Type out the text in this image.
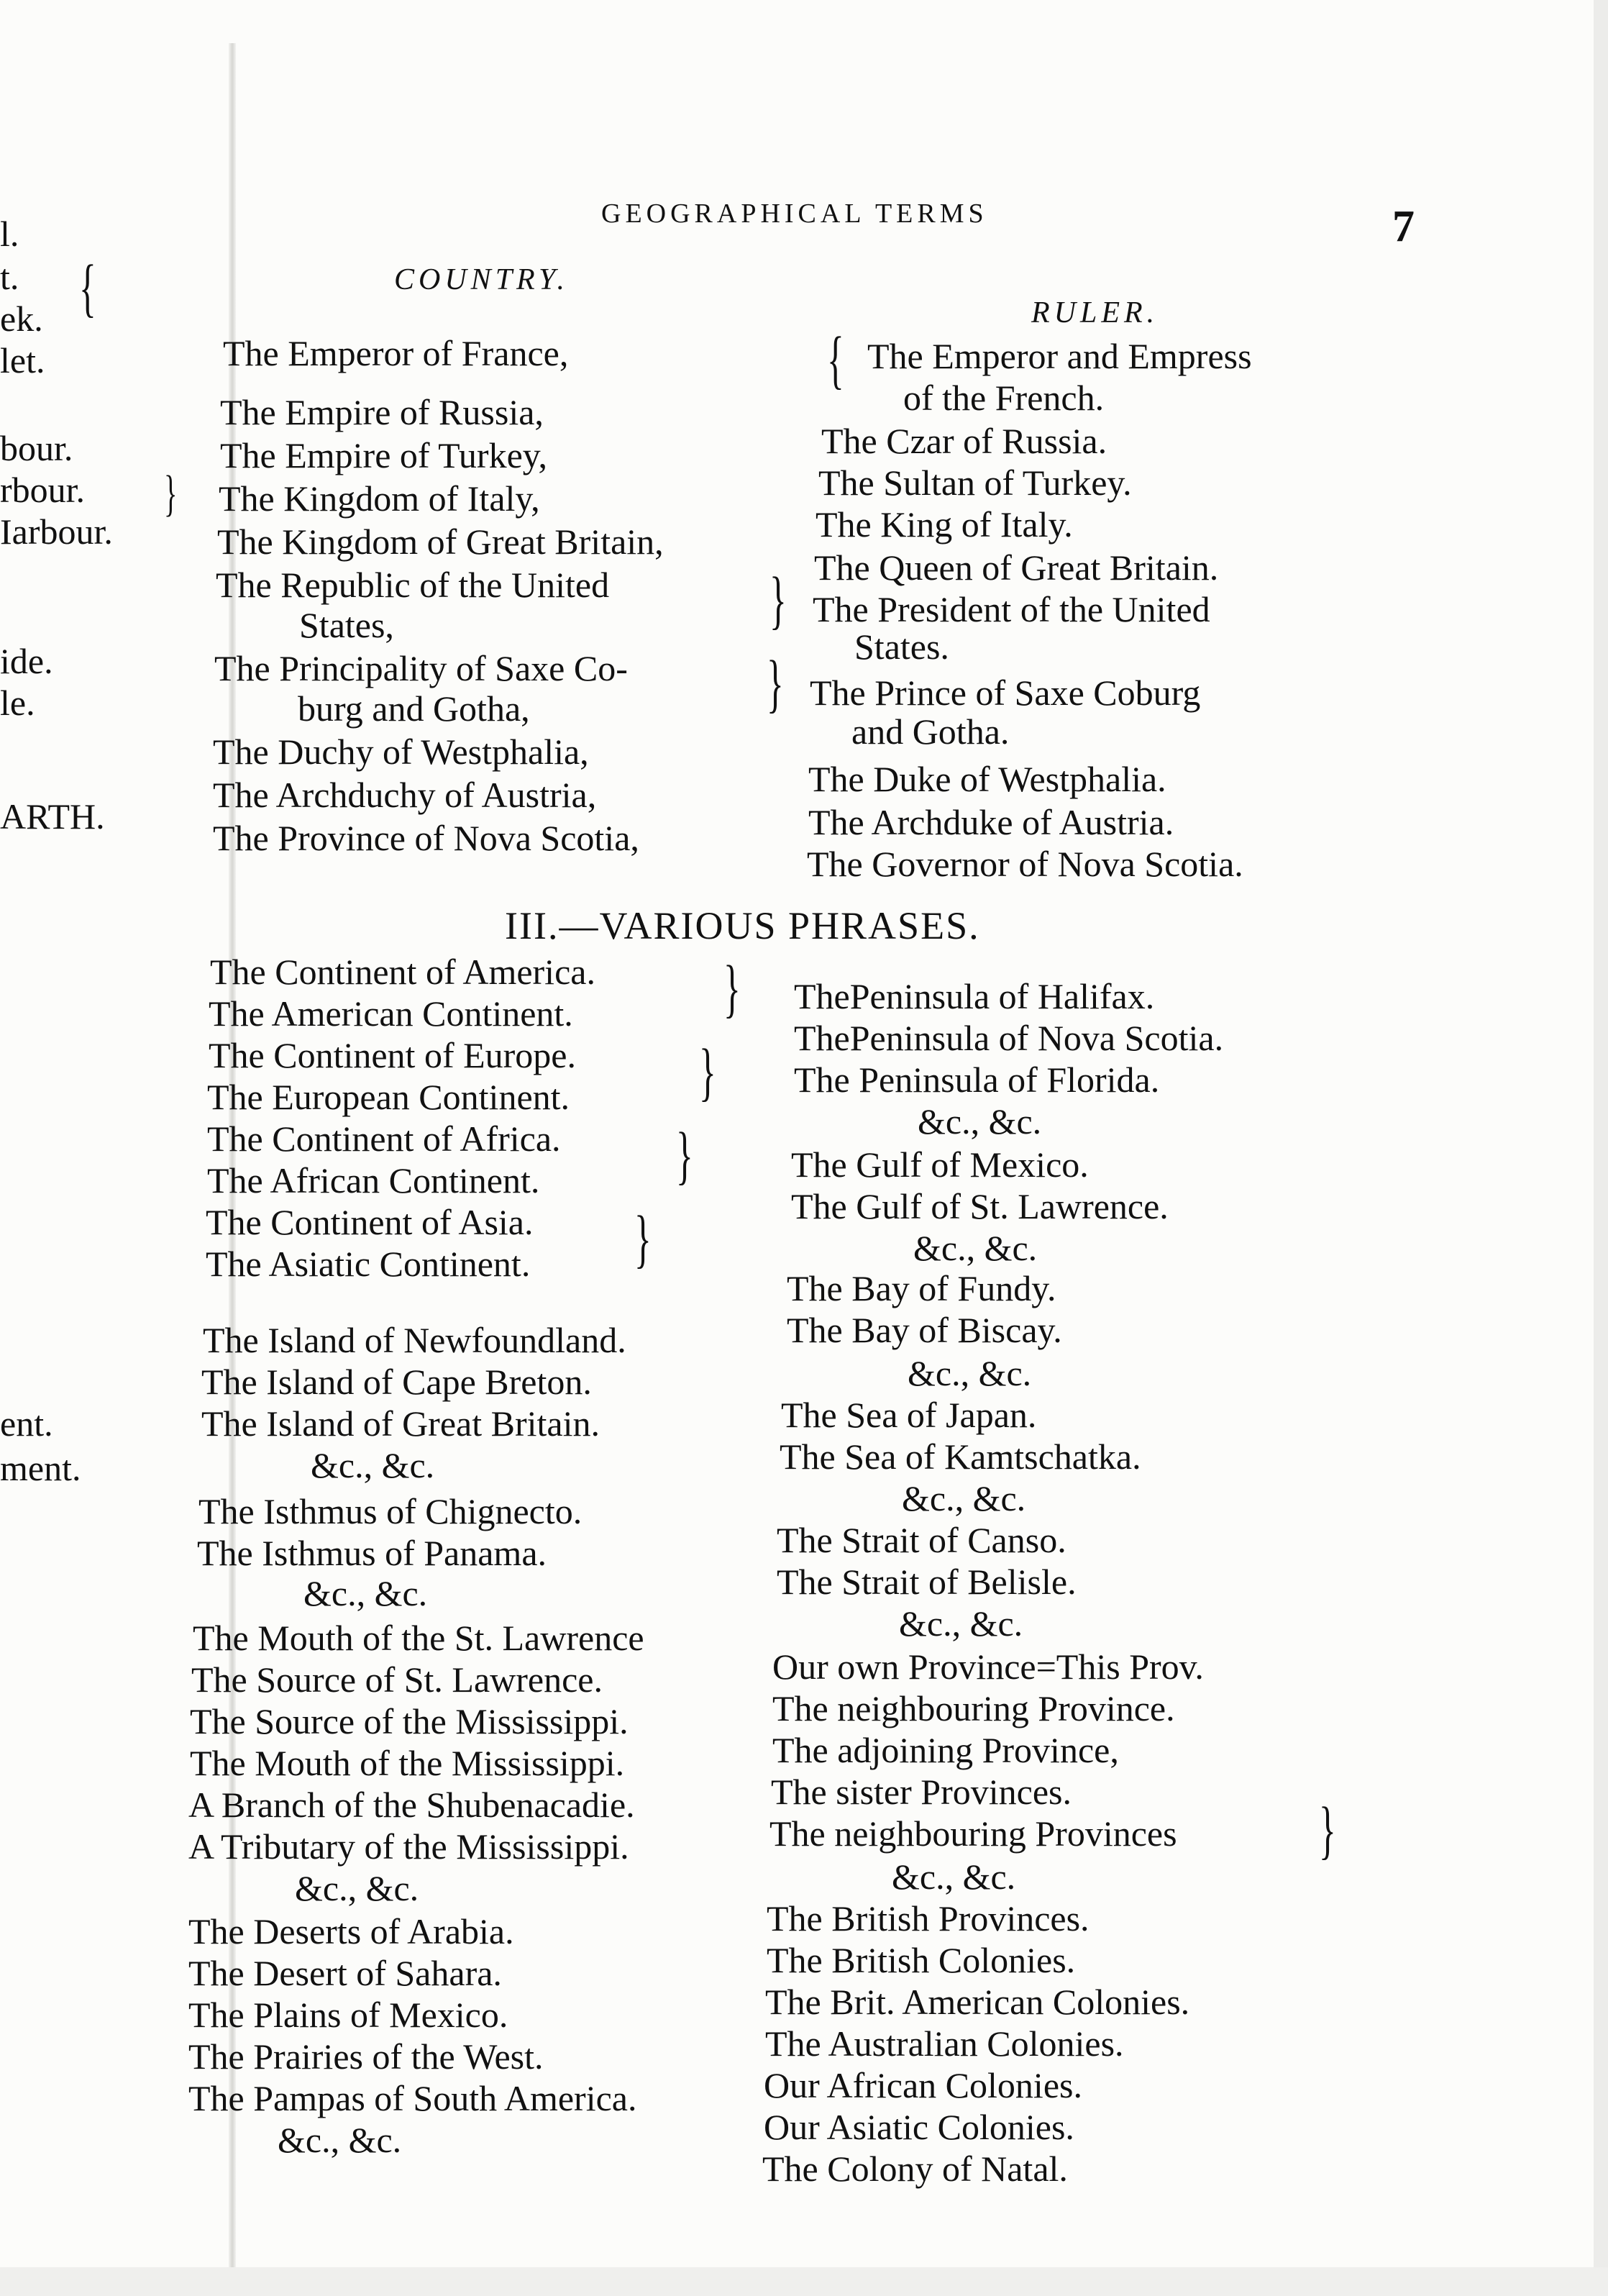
GEOGRAPHICAL TERMS	7
l.
t.
ek.
let.
{
bour.
rbour.
Iarbour.
}
ide.
le.
ARTH.
ent.
ment.
COUNTRY.
RULER.
The Emperor of France,
The Empire of Russia,
The Empire of Turkey,
The Kingdom of Italy,
The Kingdom of Great Britain,
The Republic of the United
States,
The Principality of Saxe Co-
burg and Gotha,
The Duchy of Westphalia,
The Archduchy of Austria,
The Province of Nova Scotia,
}
}
{ The Emperor and Empress
of the French.
The Czar of Russia.
The Sultan of Turkey.
The King of Italy.
The Queen of Great Britain.
The President of the United
States.
The Prince of Saxe Coburg
and Gotha.
The Duke of Westphalia.
The Archduke of Austria.
The Governor of Nova Scotia.
III.—VARIOUS PHRASES.
The Continent of America.
The American Continent. }
The Continent of Europe.
The European Continent. }
The Continent of Africa.
The African Continent. }
The Continent of Asia.
The Asiatic Continent. }
The Island of Newfoundland.
The Island of Cape Breton.
The Island of Great Britain.
&c., &c.
The Isthmus of Chignecto.
The Isthmus of Panama.
&c., &c.
The Mouth of the St. Lawrence
The Source of St. Lawrence.
The Source of the Mississippi.
The Mouth of the Mississippi.
A Branch of the Shubenacadie.
A Tributary of the Mississippi.
&c., &c.
The Deserts of Arabia.
The Desert of Sahara.
The Plains of Mexico.
The Prairies of the West.
The Pampas of South America.
&c., &c.
ThePeninsula of Halifax.
ThePeninsula of Nova Scotia.
The Peninsula of Florida.
&c., &c.
The Gulf of Mexico.
The Gulf of St. Lawrence.
&c., &c.
The Bay of Fundy.
The Bay of Biscay.
&c., &c.
The Sea of Japan.
The Sea of Kamtschatka.
&c., &c.
The Strait of Canso.
The Strait of Belisle.
&c., &c.
Our own Province=This Prov.
The neighbouring Province.
The adjoining Province,
The sister Provinces.
The neighbouring Provinces }
&c., &c.
The British Provinces.
The British Colonies.
The Brit. American Colonies.
The Australian Colonies.
Our African Colonies.
Our Asiatic Colonies.
The Colony of Natal.
